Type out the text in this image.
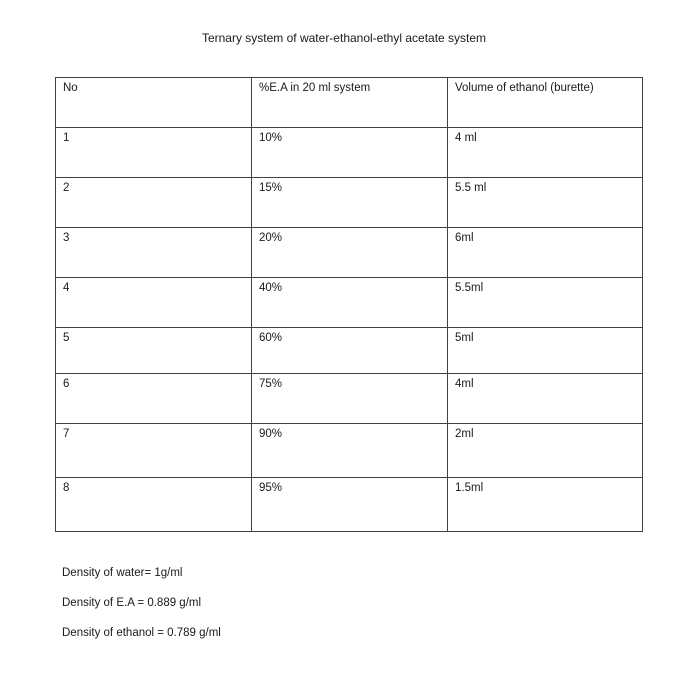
Ternary system of water-ethanol-ethyl acetate system
No	%E.A in 20 ml system	Volume of ethanol (burette)
1	10%	4 ml
2	15%	5.5 ml
3	20%	6ml
4	40%	5.5ml
5	60%	5ml
6	75%	4ml
7	90%	2ml
8	95%	1.5ml

Density of water= 1g/ml

Density of E.A = 0.889 g/ml

Density of ethanol = 0.789 g/ml
